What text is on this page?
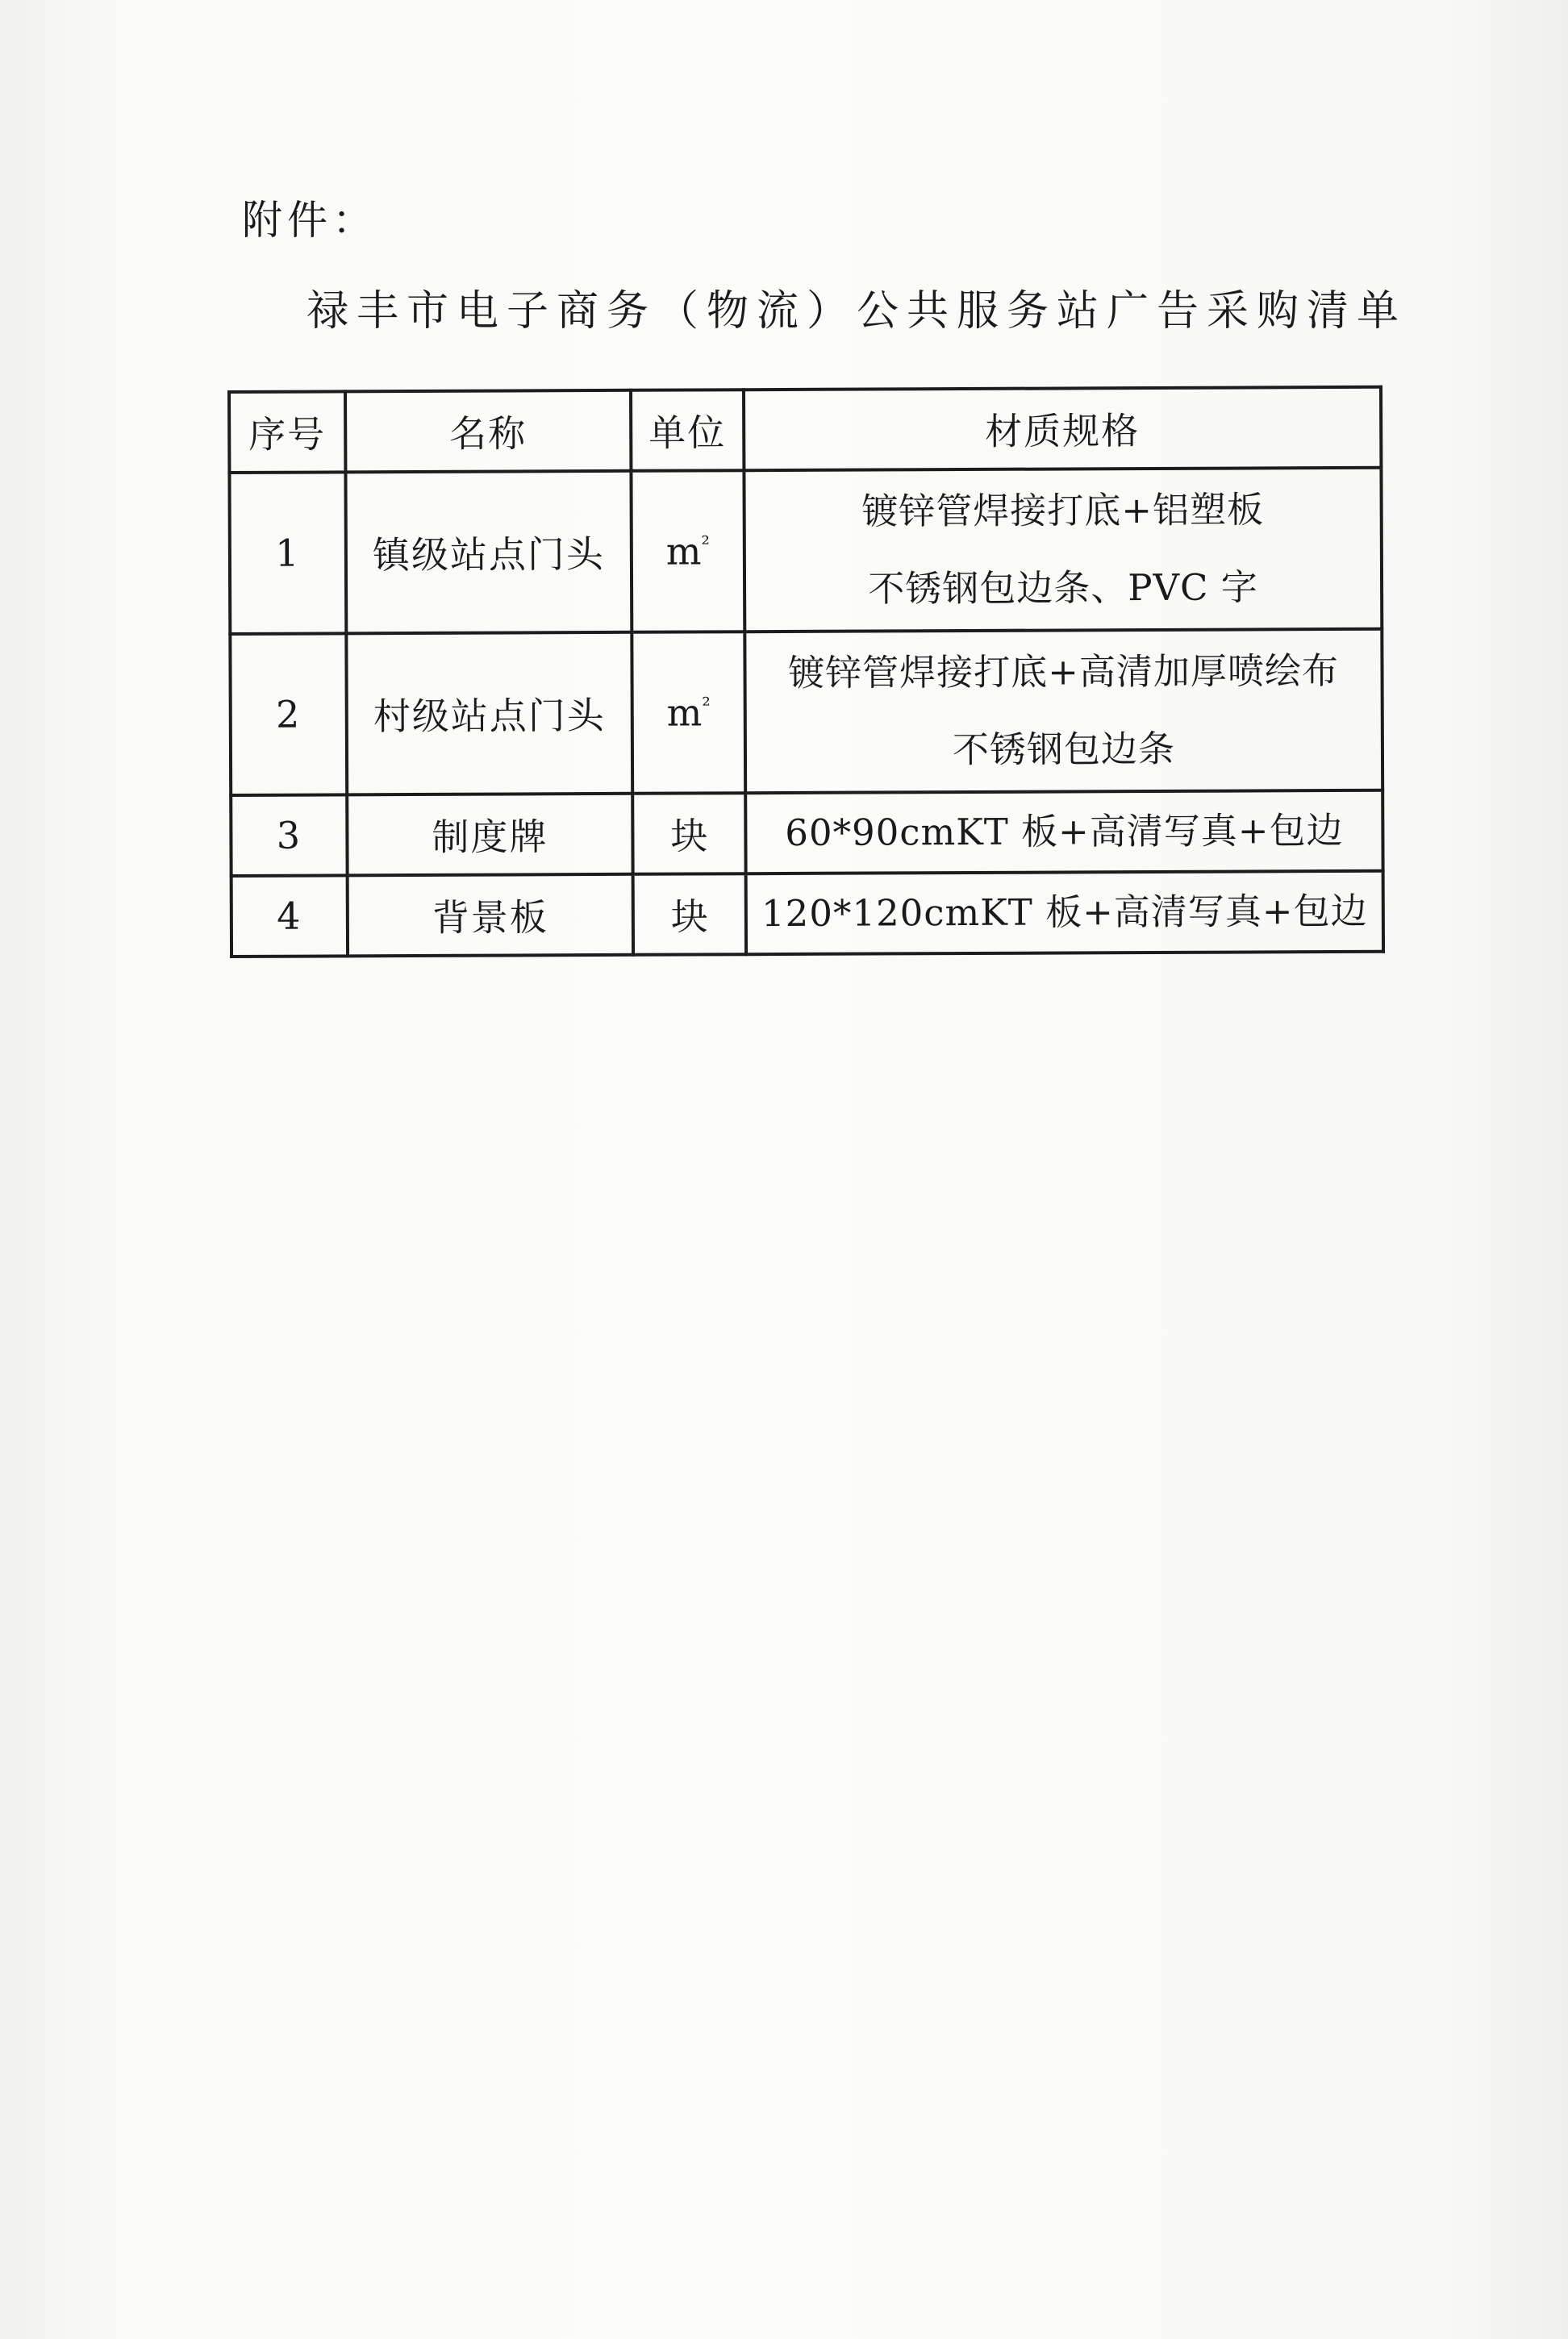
附件：
禄丰市电子商务（物流）公共服务站广告采购清单
序号	名称	单位	材质规格
1	镇级站点门头	$m^{^2}$	镀锌管焊接打底+铝塑板
不锈钢包边条、PVC 字

2	村级站点门头	$m^{^2}$	镀锌管焊接打底+高清加厚喷绘布
不锈钢包边条

3	制度牌	块	60*90cmKT 板+高清写真+包边

4	背景板	块	120*120cmKT 板+高清写真+包边
